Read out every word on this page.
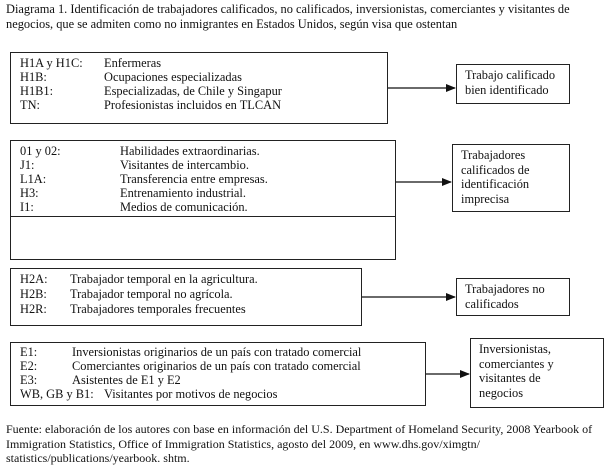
Diagrama 1. Identificación de trabajadores calificados, no calificados, inversionistas, comerciantes y visitantes de negocios, que se admiten como no inmigrantes en Estados Unidos, según visa que ostentan
H1A y H1C: Enfermeras
H1B:	Ocupaciones especializadas
H1B1:	Especializadas, de Chile y Singapur
TN:	Profesionistas incluidos en TLCAN
Trabajo calificado
bien identificado
01 y 02:	Habilidades extraordinarias.
J1:	Visitantes de intercambio.
L1A:	Transferencia entre empresas.
H3:	Entrenamiento industrial.
I1:	Medios de comunicación.
Trabajadores
calificados de
identificación
imprecisa
H2A: Trabajador temporal en la agricultura.
H2B: Trabajador temporal no agrícola.
H2R: Trabajadores temporales frecuentes
Trabajadores no
calificados
E1:	Inversionistas originarios de un país con tratado comercial
E2:	Comerciantes originarios de un país con tratado comercial
E3:	Asistentes de E1 y E2
WB, GB y B1: Visitantes por motivos de negocios
Inversionistas,
comerciantes y
visitantes de
negocios
Fuente: elaboración de los autores con base en información del U.S. Department of Homeland Security, 2008 Yearbook of Immigration Statistics, Office of Immigration Statistics, agosto del 2009, en www.dhs.gov/ximgtn/ statistics/publications/yearbook. shtm.
